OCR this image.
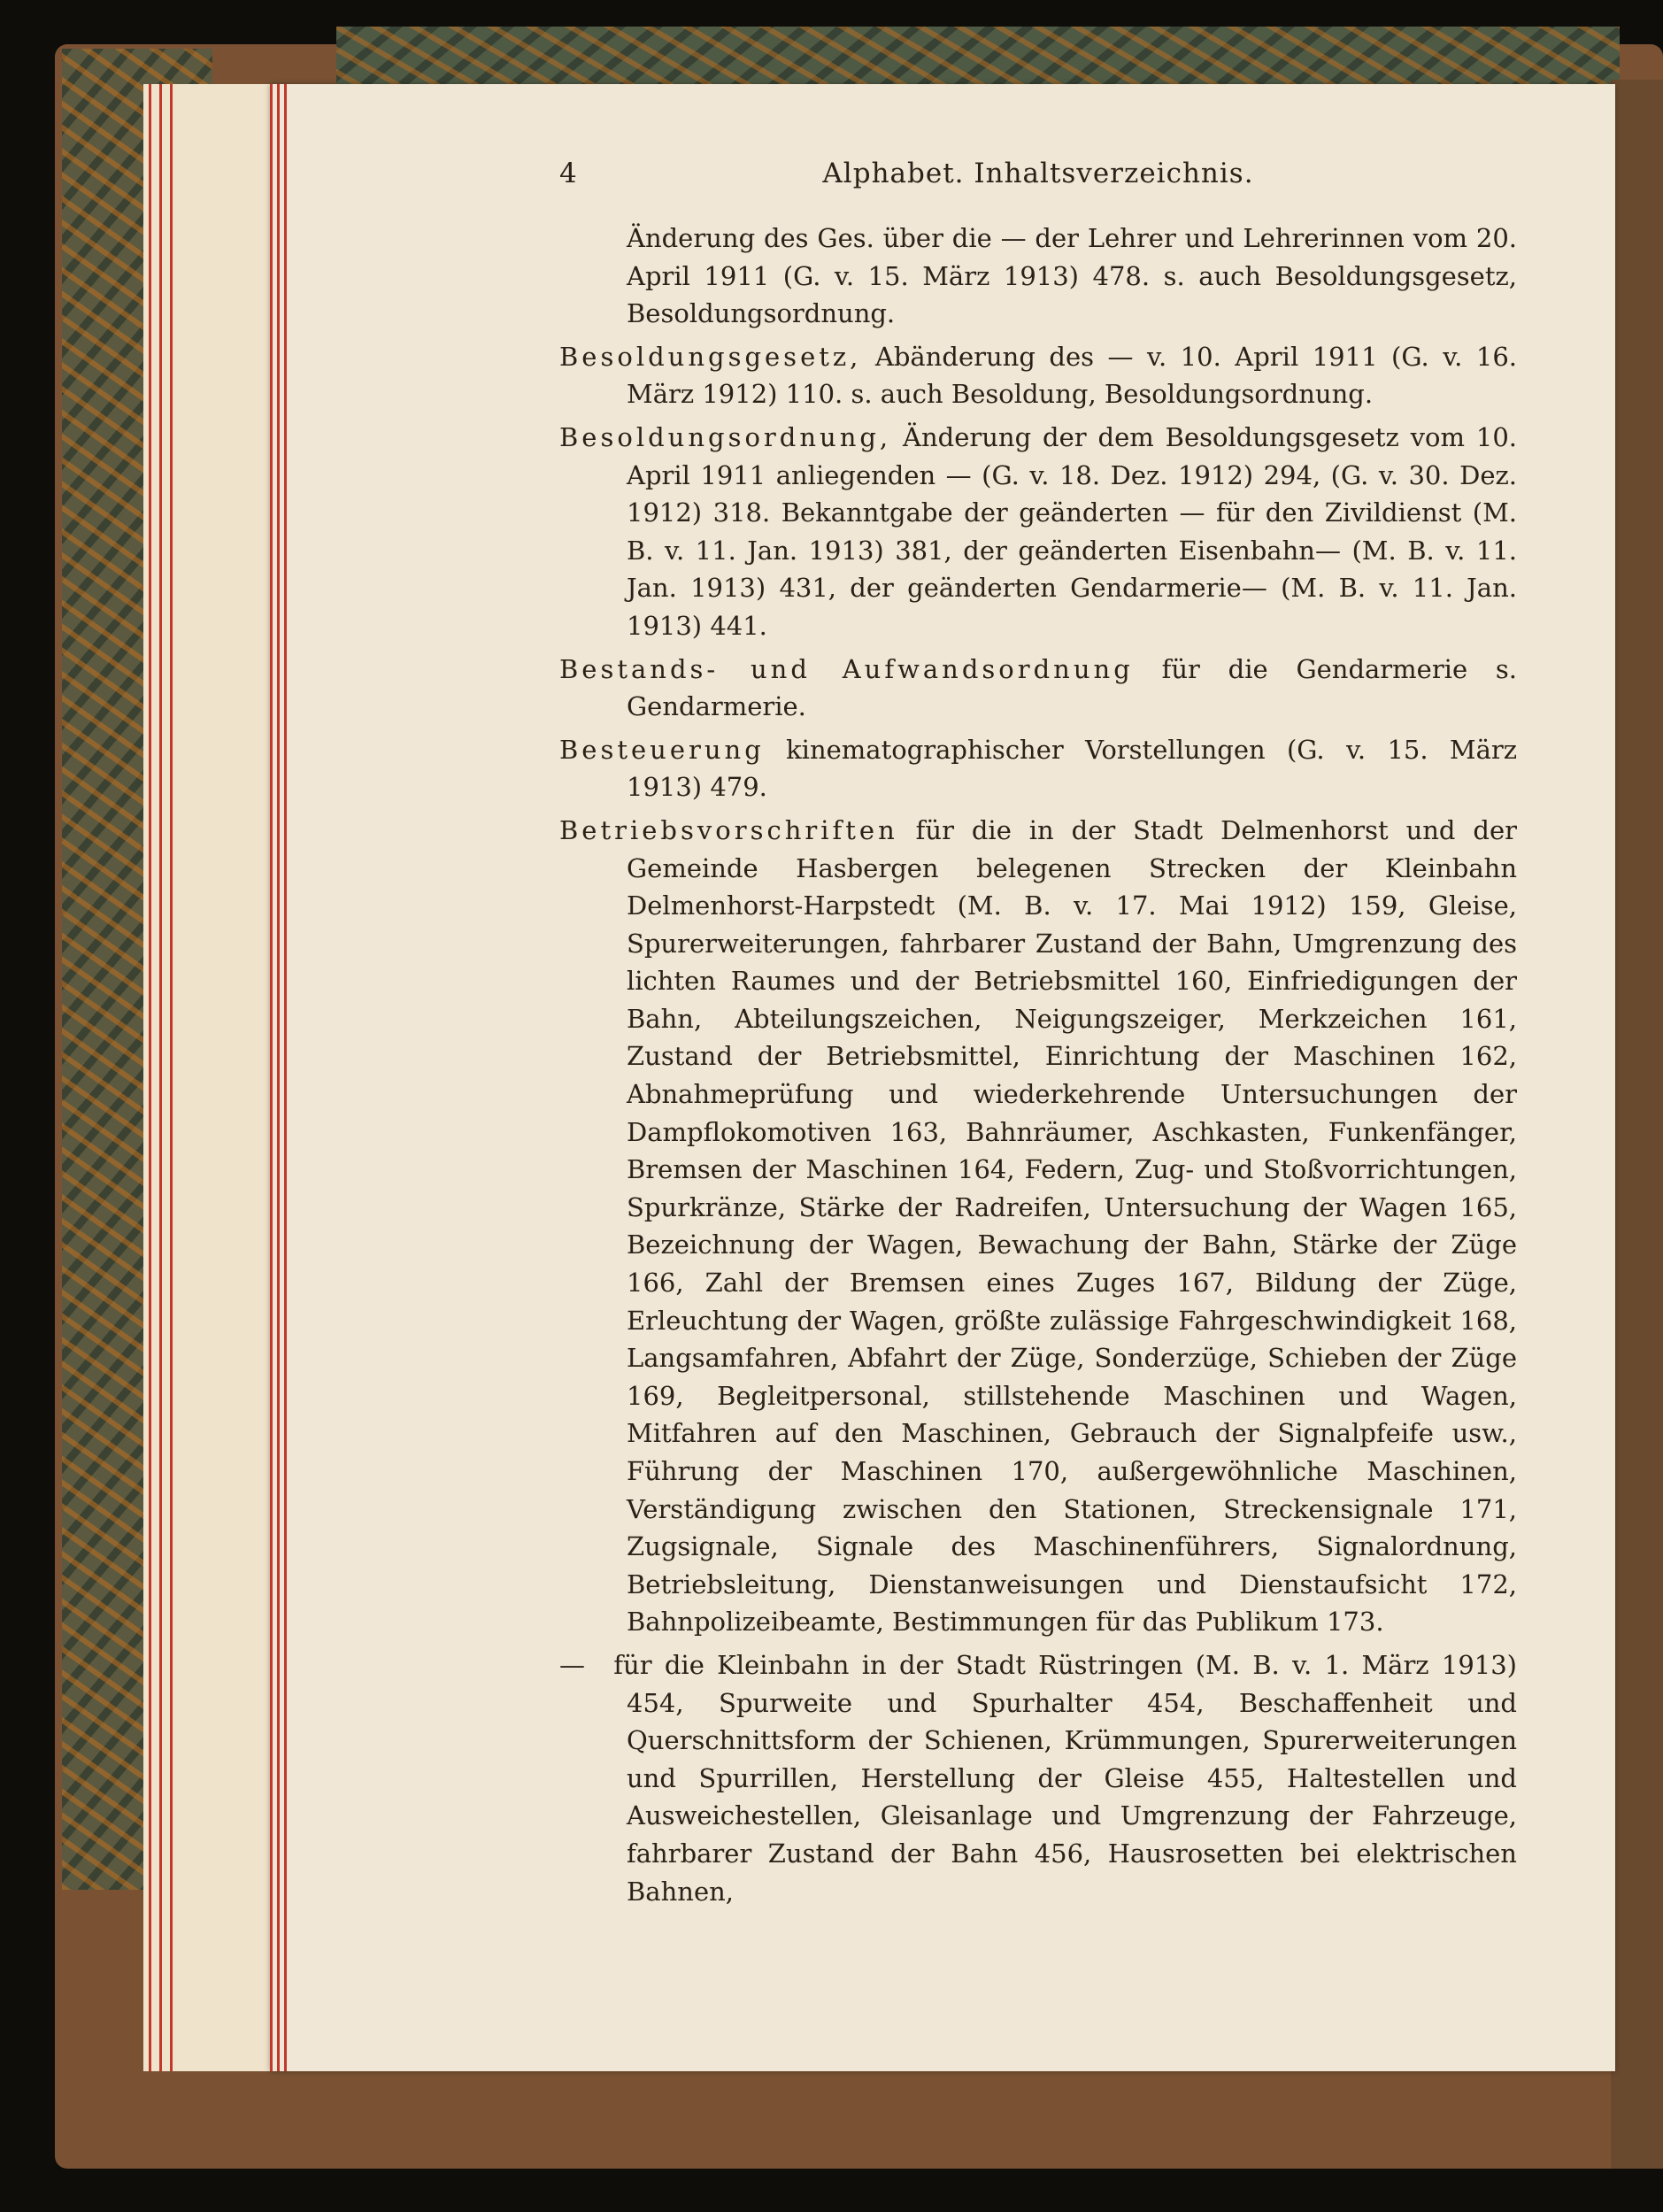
4	Alphabet. Inhaltsverzeichnis.

Änderung des Ges. über die — der Lehrer und Lehrerinnen vom 20. April 1911 (G. v. 15. März 1913) 478. s. auch Besoldungsgesetz, Besoldungsordnung.

Besoldungsgesetz, Abänderung des — v. 10. April 1911 (G. v. 16. März 1912) 110. s. auch Besoldung, Besoldungsordnung.

Besoldungsordnung, Änderung der dem Besoldungsgesetz vom 10. April 1911 anliegenden — (G. v. 18. Dez. 1912) 294, (G. v. 30. Dez. 1912) 318. Bekanntgabe der geänderten — für den Zivildienst (M. B. v. 11. Jan. 1913) 381, der geänderten Eisenbahn— (M. B. v. 11. Jan. 1913) 431, der geänderten Gendarmerie— (M. B. v. 11. Jan. 1913) 441.

Bestands- und Aufwandsordnung für die Gendarmerie s. Gendarmerie.

Besteuerung kinematographischer Vorstellungen (G. v. 15. März 1913) 479.

Betriebsvorschriften für die in der Stadt Delmenhorst und der Gemeinde Hasbergen belegenen Strecken der Kleinbahn Delmenhorst-Harpstedt (M. B. v. 17. Mai 1912) 159, Gleise, Spurerweiterungen, fahrbarer Zustand der Bahn, Umgrenzung des lichten Raumes und der Betriebsmittel 160, Einfriedigungen der Bahn, Abteilungszeichen, Neigungszeiger, Merkzeichen 161, Zustand der Betriebsmittel, Einrichtung der Maschinen 162, Abnahmeprüfung und wiederkehrende Untersuchungen der Dampflokomotiven 163, Bahnräumer, Aschkasten, Funkenfänger, Bremsen der Maschinen 164, Federn, Zug- und Stoßvorrichtungen, Spurkränze, Stärke der Radreifen, Untersuchung der Wagen 165, Bezeichnung der Wagen, Bewachung der Bahn, Stärke der Züge 166, Zahl der Bremsen eines Zuges 167, Bildung der Züge, Erleuchtung der Wagen, größte zulässige Fahrgeschwindigkeit 168, Langsamfahren, Abfahrt der Züge, Sonderzüge, Schieben der Züge 169, Begleitpersonal, stillstehende Maschinen und Wagen, Mitfahren auf den Maschinen, Gebrauch der Signalpfeife usw., Führung der Maschinen 170, außergewöhnliche Maschinen, Verständigung zwischen den Stationen, Streckensignale 171, Zugsignale, Signale des Maschinenführers, Signalordnung, Betriebsleitung, Dienstanweisungen und Dienstaufsicht 172, Bahnpolizeibeamte, Bestimmungen für das Publikum 173.

— für die Kleinbahn in der Stadt Rüstringen (M. B. v. 1. März 1913) 454, Spurweite und Spurhalter 454, Beschaffenheit und Querschnittsform der Schienen, Krümmungen, Spurerweiterungen und Spurrillen, Herstellung der Gleise 455, Haltestellen und Ausweichestellen, Gleisanlage und Umgrenzung der Fahrzeuge, fahrbarer Zustand der Bahn 456, Hausrosetten bei elektrischen Bahnen,
